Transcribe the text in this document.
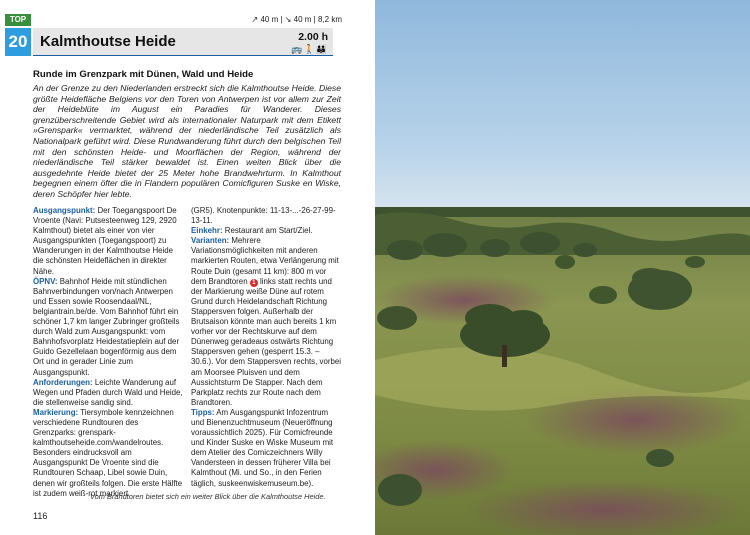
TOP
20
↗ 40 m | ↘ 40 m | 8,2 km
Kalmthoutse Heide	2.00 h
🚌🚶👪
Runde im Grenzpark mit Dünen, Wald und Heide
An der Grenze zu den Niederlanden erstreckt sich die Kalmthoutse Heide. Diese größte Heidefläche Belgiens vor den Toren von Antwerpen ist vor allem zur Zeit der Heideblüte im August ein Paradies für Wanderer. Dieses grenzüberschreitende Gebiet wird als internationaler Naturpark mit dem Etikett »Grenspark« vermarktet, während der niederländische Teil zusätzlich als Nationalpark geführt wird. Diese Rundwanderung führt durch den belgischen Teil mit den schönsten Heide- und Moorflächen der Region, während der niederländische Teil stärker bewaldet ist. Einen weiten Blick über die ausgedehnte Heide bietet der 25 Meter hohe Brandwehrturm. In Kalmthout begegnen einem öfter die in Flandern populären Comicfiguren Suske en Wiske, deren Schöpfer hier lebte.
Ausgangspunkt: Der Toegangspoort De Vroente (Navi: Putsesteenweg 129, 2920 Kalmthout) bietet als einer von vier Ausgangspunkten (Toegangspoort) zu Wanderungen in der Kalmthoutse Heide die schönsten Heideflächen in direkter Nähe.
ÖPNV: Bahnhof Heide mit stündlichen Bahnverbindungen von/nach Antwerpen und Essen sowie Roosendaal/NL, belgiantrain.be/de. Vom Bahnhof führt ein schöner 1,7 km langer Zubringer großteils durch Wald zum Ausgangspunkt: vom Bahnhofsvorplatz Heidestatieplein auf der Guido Gezellelaan bogenförmig aus dem Ort und in gerader Linie zum Ausgangspunkt.
Anforderungen: Leichte Wanderung auf Wegen und Pfaden durch Wald und Heide, die stellenweise sandig sind.
Markierung: Tiersymbole kennzeichnen verschiedene Rundtouren des Grenzparks: grensparkkalmthoutseheide.com/wandelroutes. Besonders eindrucksvoll am Ausgangspunkt De Vroente sind die Rundtouren Schaap, Libel sowie Duin, denen wir großteils folgen. Die erste Hälfte ist zudem weiß-rot markiert
(GR5). Knotenpunkte: 11-13-...-26-27-99-13-11.
Einkehr: Restaurant am Start/Ziel.
Varianten: Mehrere Variationsmöglichkeiten mit anderen markierten Routen, etwa Verlängerung mit Route Duin (gesamt 11 km): 800 m vor dem Brandtoren 1 links statt rechts und der Markierung weiße Düne auf rotem Grund durch Heidelandschaft Richtung Stappersven folgen. Außerhalb der Brutsaison könnte man auch bereits 1 km vorher vor der Rechtskurve auf dem Dünenweg geradeaus ostwärts Richtung Stappersven gehen (gesperrt 15.3. – 30.6.). Vor dem Stappersven rechts, vorbei am Moorsee Pluisven und dem Aussichtsturm De Stapper. Nach dem Parkplatz rechts zur Route nach dem Brandtoren.
Tipps: Am Ausgangspunkt Infozentrum und Bienenzuchtmuseum (Neueröffnung voraussichtlich 2025). Für Comicfreunde und Kinder Suske en Wiske Museum mit dem Atelier des Comiczeichners Willy Vandersteen in dessen früherer Villa bei Kalmthout (Mi. und So., in den Ferien täglich, suskeenwiskemuseum.be).
Vom Brandtoren bietet sich ein weiter Blick über die Kalmthoutse Heide.
116
